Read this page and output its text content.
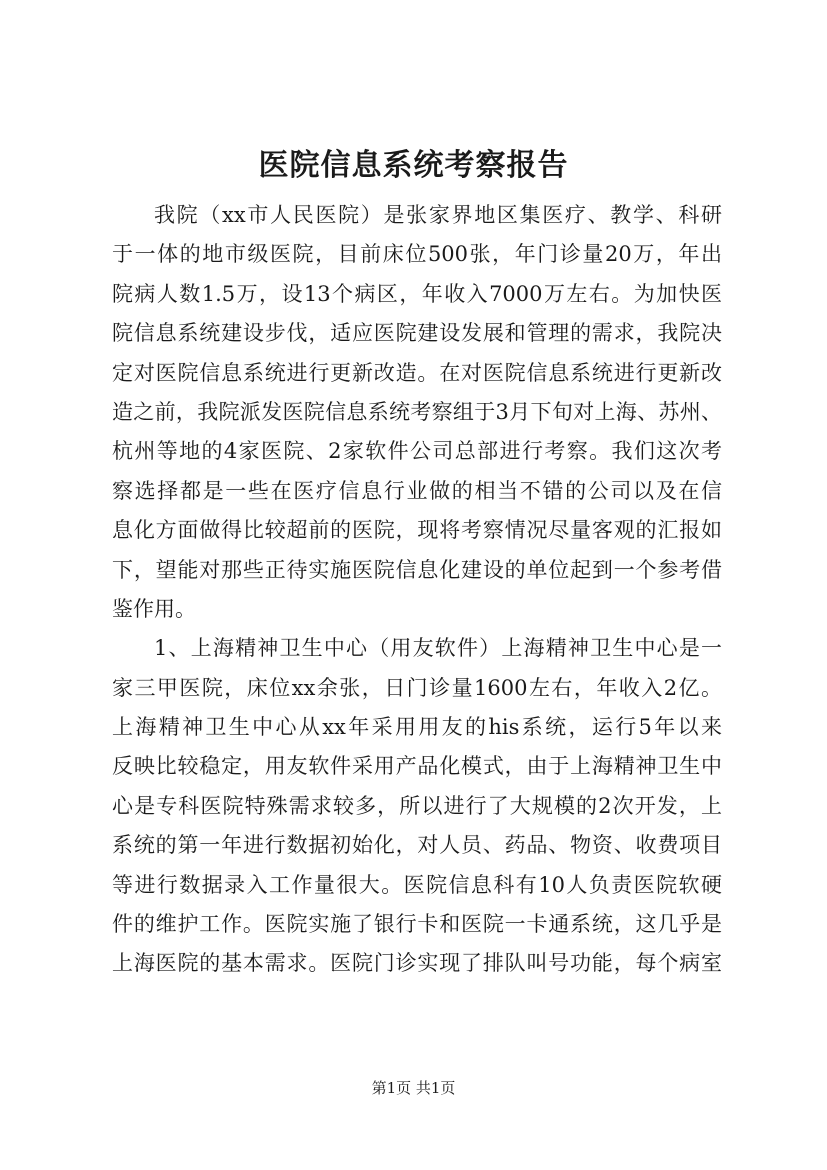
医院信息系统考察报告
我院（xx市人民医院）是张家界地区集医疗、教学、科研
于一体的地市级医院，目前床位500张，年门诊量20万，年出
院病人数1.5万，设13个病区，年收入7000万左右。为加快医
院信息系统建设步伐，适应医院建设发展和管理的需求，我院决
定对医院信息系统进行更新改造。在对医院信息系统进行更新改
造之前，我院派发医院信息系统考察组于3月下旬对上海、苏州、
杭州等地的4家医院、2家软件公司总部进行考察。我们这次考
察选择都是一些在医疗信息行业做的相当不错的公司以及在信
息化方面做得比较超前的医院，现将考察情况尽量客观的汇报如
下，望能对那些正待实施医院信息化建设的单位起到一个参考借
鉴作用。
1、上海精神卫生中心（用友软件）上海精神卫生中心是一
家三甲医院，床位xx余张，日门诊量1600左右，年收入2亿。
上海精神卫生中心从xx年采用用友的his系统，运行5年以来
反映比较稳定，用友软件采用产品化模式，由于上海精神卫生中
心是专科医院特殊需求较多，所以进行了大规模的2次开发，上
系统的第一年进行数据初始化，对人员、药品、物资、收费项目
等进行数据录入工作量很大。医院信息科有10人负责医院软硬
件的维护工作。医院实施了银行卡和医院一卡通系统，这几乎是
上海医院的基本需求。医院门诊实现了排队叫号功能，每个病室
第1页 共1页
